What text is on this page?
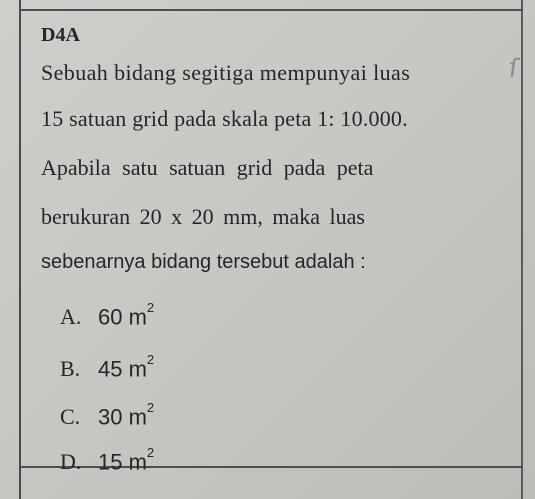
D4A
Sebuah bidang segitiga mempunyai luas
15 satuan grid pada skala peta 1: 10.000.
Apabila satu satuan grid pada peta
berukuran 20 x 20 mm, maka luas
sebenarnya bidang tersebut adalah :
A. 60 $m^2$
B. 45 $m^2$
C. 30 $m^2$
D. 15 $m^2$
ſ
